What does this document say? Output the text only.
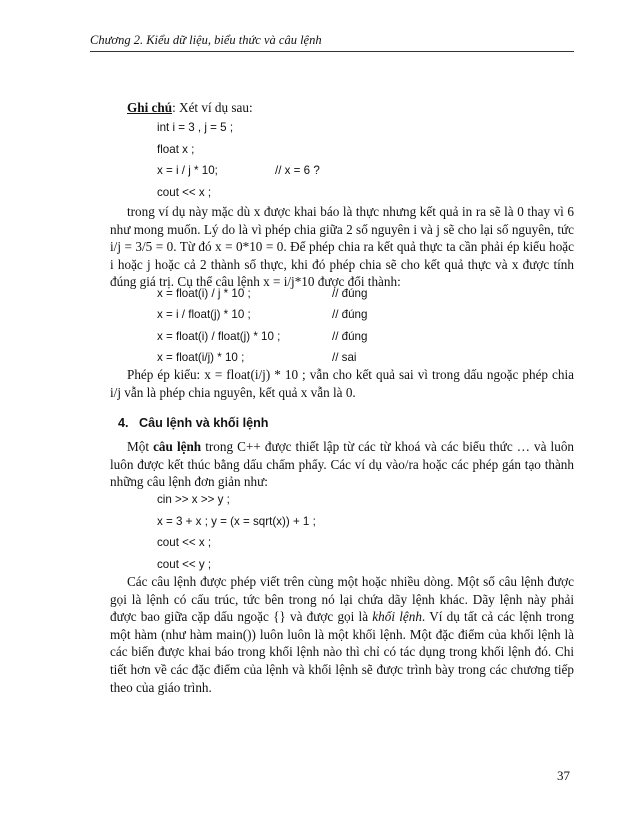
Chương 2. Kiểu dữ liệu, biểu thức và câu lệnh
Ghi chú: Xét ví dụ sau:
int i = 3 , j = 5 ;
float x ;
x = i / j * 10;	// x = 6 ?
cout << x ;
trong ví dụ này mặc dù x được khai báo là thực nhưng kết quả in ra sẽ là 0 thay vì 6 như mong muốn. Lý do là vì phép chia giữa 2 số nguyên i và j sẽ cho lại số nguyên, tức i/j = 3/5 = 0. Từ đó x = 0*10 = 0. Để phép chia ra kết quả thực ta cần phải ép kiểu hoặc i hoặc j hoặc cả 2 thành số thực, khi đó phép chia sẽ cho kết quả thực và x được tính đúng giá trị. Cụ thể câu lệnh x = i/j*10 được đổi thành:
x = float(i) / j * 10 ;	// đúng
x = i / float(j) * 10 ;	// đúng
x = float(i) / float(j) * 10 ;	// đúng
x = float(i/j) * 10 ;	// sai
Phép ép kiểu: x = float(i/j) * 10 ; vẫn cho kết quả sai vì trong dấu ngoặc phép chia i/j vẫn là phép chia nguyên, kết quả x vẫn là 0.
4. Câu lệnh và khối lệnh
Một câu lệnh trong C++ được thiết lập từ các từ khoá và các biểu thức … và luôn luôn được kết thúc bằng dấu chấm phẩy. Các ví dụ vào/ra hoặc các phép gán tạo thành những câu lệnh đơn giản như:
cin >> x >> y ;
x = 3 + x ; y = (x = sqrt(x)) + 1 ;
cout << x ;
cout << y ;
Các câu lệnh được phép viết trên cùng một hoặc nhiều dòng. Một số câu lệnh được gọi là lệnh có cấu trúc, tức bên trong nó lại chứa dãy lệnh khác. Dãy lệnh này phải được bao giữa cặp dấu ngoặc {} và được gọi là khối lệnh. Ví dụ tất cả các lệnh trong một hàm (như hàm main()) luôn luôn là một khối lệnh. Một đặc điểm của khối lệnh là các biến được khai báo trong khối lệnh nào thì chỉ có tác dụng trong khối lệnh đó. Chi tiết hơn về các đặc điểm của lệnh và khối lệnh sẽ được trình bày trong các chương tiếp theo của giáo trình.
37
